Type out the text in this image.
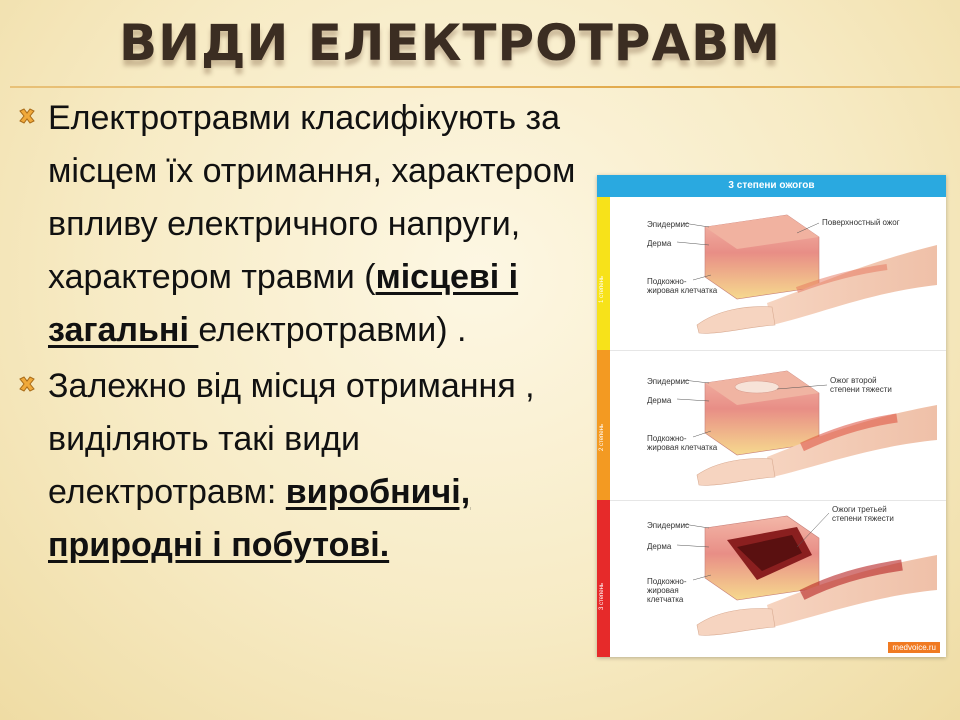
ВИДИ ЕЛЕКТРОТРАВМ
Електротравми класифікують за місцем їх отримання, характером впливу електричного напруги, характером травми (місцеві і загальні електротравми) .
Залежно від місця отримання , виділяють такі види електротравм: виробничі, природні і побутові.
3 степени ожогов
1 степень
2 степень
3 степень
Эпидермис
Дерма
Подкожно-
жировая клетчатка
Поверхностный ожог
Эпидермис
Дерма
Подкожно-
жировая клетчатка
Ожог второй
степени тяжести
Эпидермис
Дерма
Подкожно-
жировая
клетчатка
Ожоги третьей
степени тяжести
medvoice.ru
